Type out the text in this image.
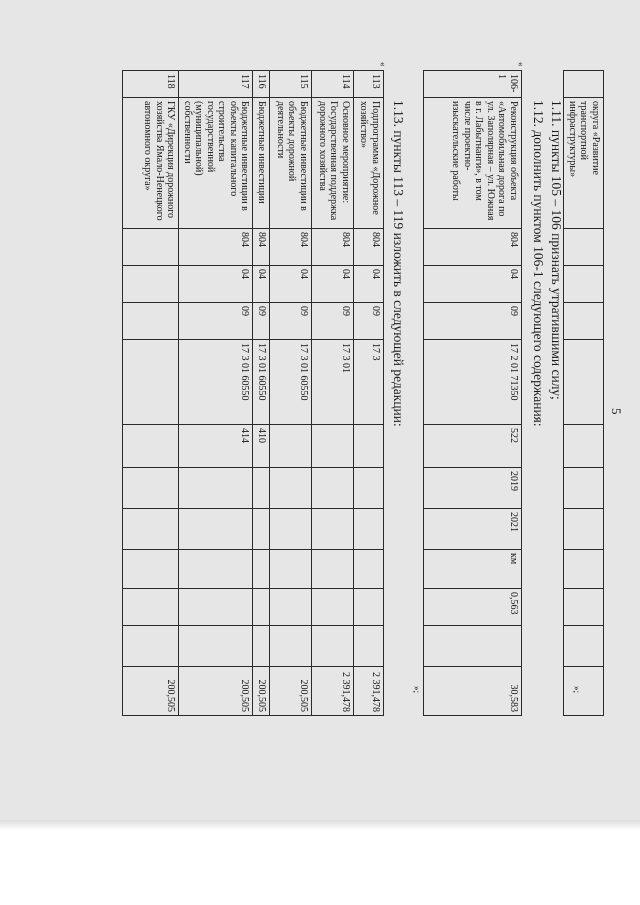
5
	округа «Развитие транспортной инфраструктуры»											
»;
1.11. пункты 105 – 106 признать утратившими силу;
1.12. дополнить пунктом 106-1 следующего содержания:
«
106-1	Реконструкция объекта «Автомобильная дорога по ул. Заполярная – ул. Южная в г. Лабытнанги», в том числе проектно-изыскательские работы	804	04	09	17 2 01 71350	522	2019	2021	км	0,563		30,583
»;
1.13. пункты 113 – 119 изложить в следующей редакции:
«
113	Подпрограмма «Дорожное хозяйство»	804	04	09	17 3							2 391,478
114	Основное мероприятие: Государственная поддержка дорожного хозяйства	804	04	09	17 3 01							2 391,478
115	Бюджетные инвестиции в объекты дорожной деятельности	804	04	09	17 3 01 60550							200,505
116	Бюджетные инвестиции	804	04	09	17 3 01 60550	410						200,505
117	Бюджетные инвестиции в объекты капитального строительства государственной (муниципальной) собственности	804	04	09	17 3 01 60550	414						200,505
118	ГКУ «Дирекция дорожного хозяйства Ямало-Ненецкого автономного округа»											200,505
